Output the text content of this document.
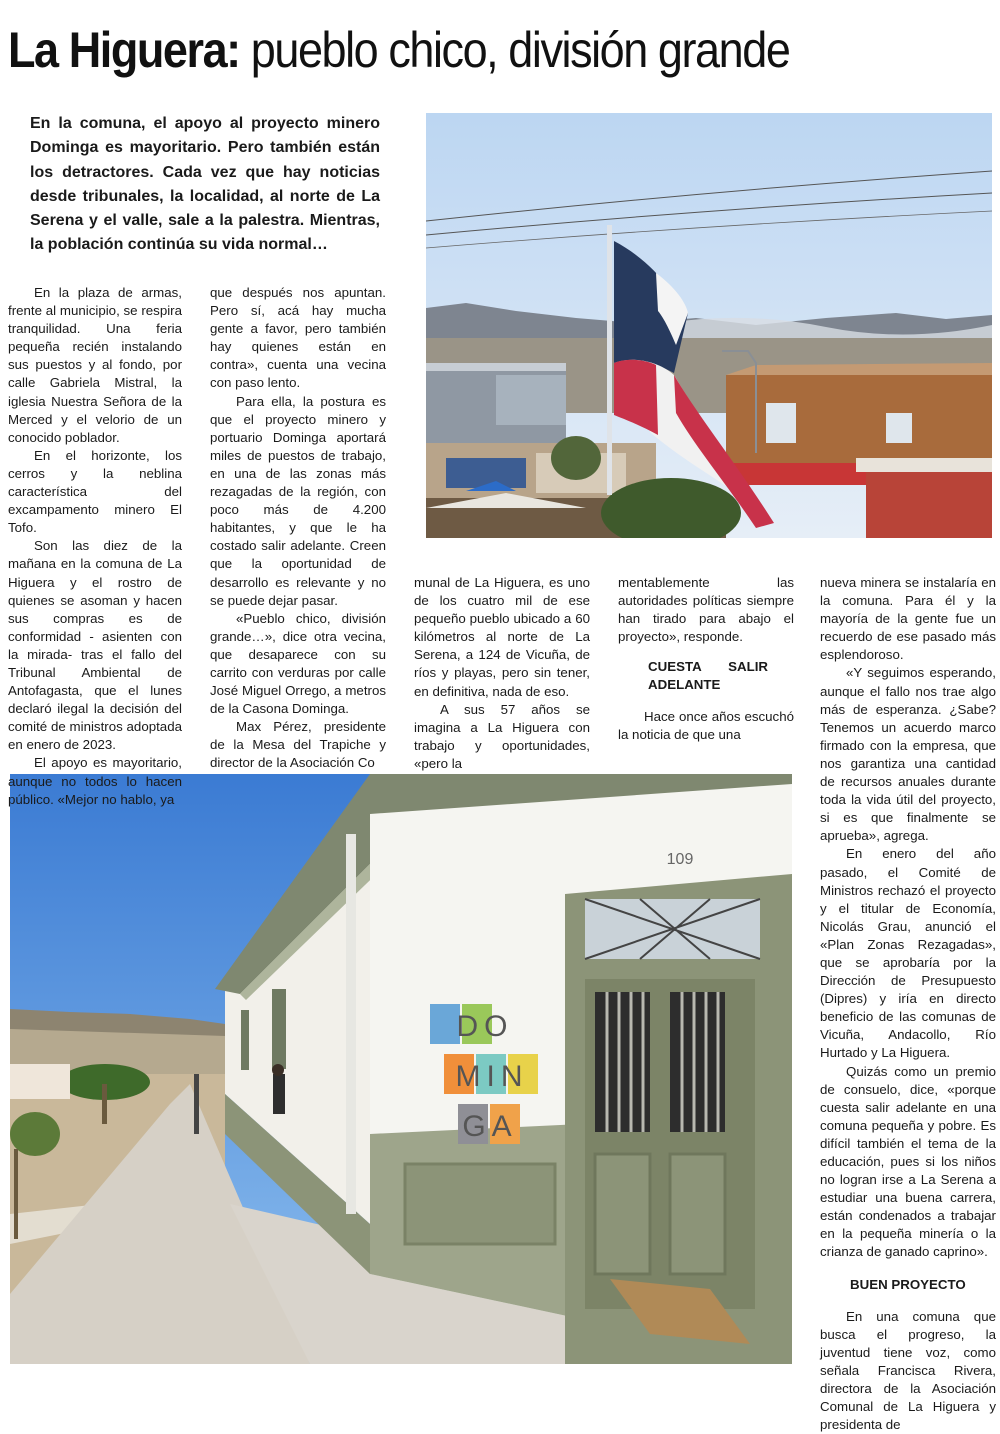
La Higuera: pueblo chico, división grande
En la comuna, el apoyo al proyecto minero Dominga es mayoritario. Pero también están los detractores. Cada vez que hay noticias desde tribunales, la localidad, al norte de La Serena y el valle, sale a la palestra. Mientras, la población continúa su vida normal…
DO
MIN
GA
109

En la plaza de armas, frente al municipio, se respira tranquilidad. Una feria pequeña recién instalando sus puestos y al fondo, por calle Gabriela Mistral, la iglesia Nuestra Señora de la Merced y el velorio de un conocido poblador.

En el horizonte, los cerros y la neblina característica del excampamento minero El Tofo.

Son las diez de la mañana en la comuna de La Higuera y el rostro de quienes se asoman y hacen sus compras es de conformidad - asienten con la mirada- tras el fallo del Tribunal Ambiental de Antofagasta, que el lunes declaró ilegal la decisión del comité de ministros adoptada en enero de 2023.

El apoyo es mayoritario, aunque no todos lo hacen público. «Mejor no hablo, ya

que después nos apuntan. Pero sí, acá hay mucha gente a favor, pero también hay quienes están en contra», cuenta una vecina con paso lento.

Para ella, la postura es que el proyecto minero y portuario Dominga aportará miles de puestos de trabajo, en una de las zonas más rezagadas de la región, con poco más de 4.200 habitantes, y que le ha costado salir adelante. Creen que la oportunidad de desarrollo es relevante y no se puede dejar pasar.

«Pueblo chico, división grande…», dice otra vecina, que desaparece con su carrito con verduras por calle José Miguel Orrego, a metros de la Casona Dominga.

Max Pérez, presidente de la Mesa del Trapiche y director de la Asociación Co

munal de La Higuera, es uno de los cuatro mil de ese pequeño pueblo ubicado a 60 kilómetros al norte de La Serena, a 124 de Vicuña, de ríos y playas, pero sin tener, en definitiva, nada de eso.

A sus 57 años se imagina a La Higuera con trabajo y oportunidades, «pero la

mentablemente las autoridades políticas siempre han tirado para abajo el proyecto», responde.

CUESTA SALIR ADELANTE

Hace once años escuchó la noticia de que una

nueva minera se instalaría en la comuna. Para él y la mayoría de la gente fue un recuerdo de ese pasado más esplendoroso.

«Y seguimos esperando, aunque el fallo nos trae algo más de esperanza. ¿Sabe? Tenemos un acuerdo marco firmado con la empresa, que nos garantiza una cantidad de recursos anuales durante toda la vida útil del proyecto, si es que finalmente se aprueba», agrega.

En enero del año pasado, el Comité de Ministros rechazó el proyecto y el titular de Economía, Nicolás Grau, anunció el «Plan Zonas Rezagadas», que se aprobaría por la Dirección de Presupuesto (Dipres) y iría en directo beneficio de las comunas de Vicuña, Andacollo, Río Hurtado y La Higuera.

Quizás como un premio de consuelo, dice, «porque cuesta salir adelante en una comuna pequeña y pobre. Es difícil también el tema de la educación, pues si los niños no logran irse a La Serena a estudiar una buena carrera, están condenados a trabajar en la pequeña minería o la crianza de ganado caprino».

BUEN PROYECTO

En una comuna que busca el progreso, la juventud tiene voz, como señala Francisca Rivera, directora de la Asociación Comunal de La Higuera y presidenta de
